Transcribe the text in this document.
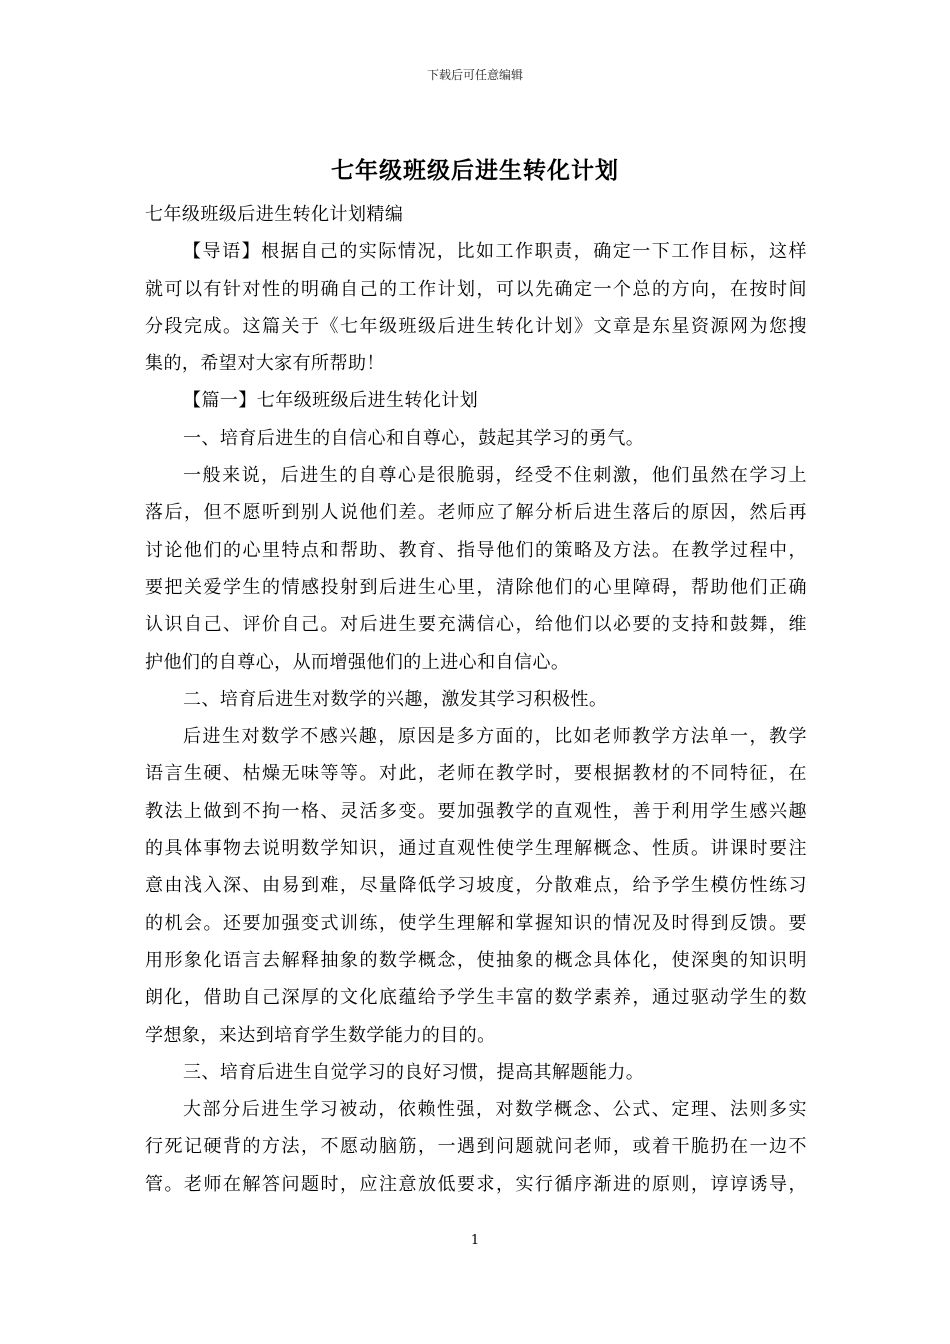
下载后可任意编辑
七年级班级后进生转化计划
七年级班级后进生转化计划精编
【导语】根据自己的实际情况，比如工作职责，确定一下工作目标，这样
就可以有针对性的明确自己的工作计划，可以先确定一个总的方向，在按时间
分段完成。这篇关于《七年级班级后进生转化计划》文章是东星资源网为您搜
集的，希望对大家有所帮助！
【篇一】七年级班级后进生转化计划
一、培育后进生的自信心和自尊心，鼓起其学习的勇气。
一般来说，后进生的自尊心是很脆弱，经受不住刺激，他们虽然在学习上
落后，但不愿听到别人说他们差。老师应了解分析后进生落后的原因，然后再
讨论他们的心里特点和帮助、教育、指导他们的策略及方法。在教学过程中，
要把关爱学生的情感投射到后进生心里，清除他们的心里障碍，帮助他们正确
认识自己、评价自己。对后进生要充满信心，给他们以必要的支持和鼓舞，维
护他们的自尊心，从而增强他们的上进心和自信心。
二、培育后进生对数学的兴趣，激发其学习积极性。
后进生对数学不感兴趣，原因是多方面的，比如老师教学方法单一，教学
语言生硬、枯燥无味等等。对此，老师在教学时，要根据教材的不同特征，在
教法上做到不拘一格、灵活多变。要加强教学的直观性，善于利用学生感兴趣
的具体事物去说明数学知识，通过直观性使学生理解概念、性质。讲课时要注
意由浅入深、由易到难，尽量降低学习坡度，分散难点，给予学生模仿性练习
的机会。还要加强变式训练，使学生理解和掌握知识的情况及时得到反馈。要
用形象化语言去解释抽象的数学概念，使抽象的概念具体化，使深奥的知识明
朗化，借助自己深厚的文化底蕴给予学生丰富的数学素养，通过驱动学生的数
学想象，来达到培育学生数学能力的目的。
三、培育后进生自觉学习的良好习惯，提高其解题能力。
大部分后进生学习被动，依赖性强，对数学概念、公式、定理、法则多实
行死记硬背的方法，不愿动脑筋，一遇到问题就问老师，或着干脆扔在一边不
管。老师在解答问题时，应注意放低要求，实行循序渐进的原则，谆谆诱导，
1
